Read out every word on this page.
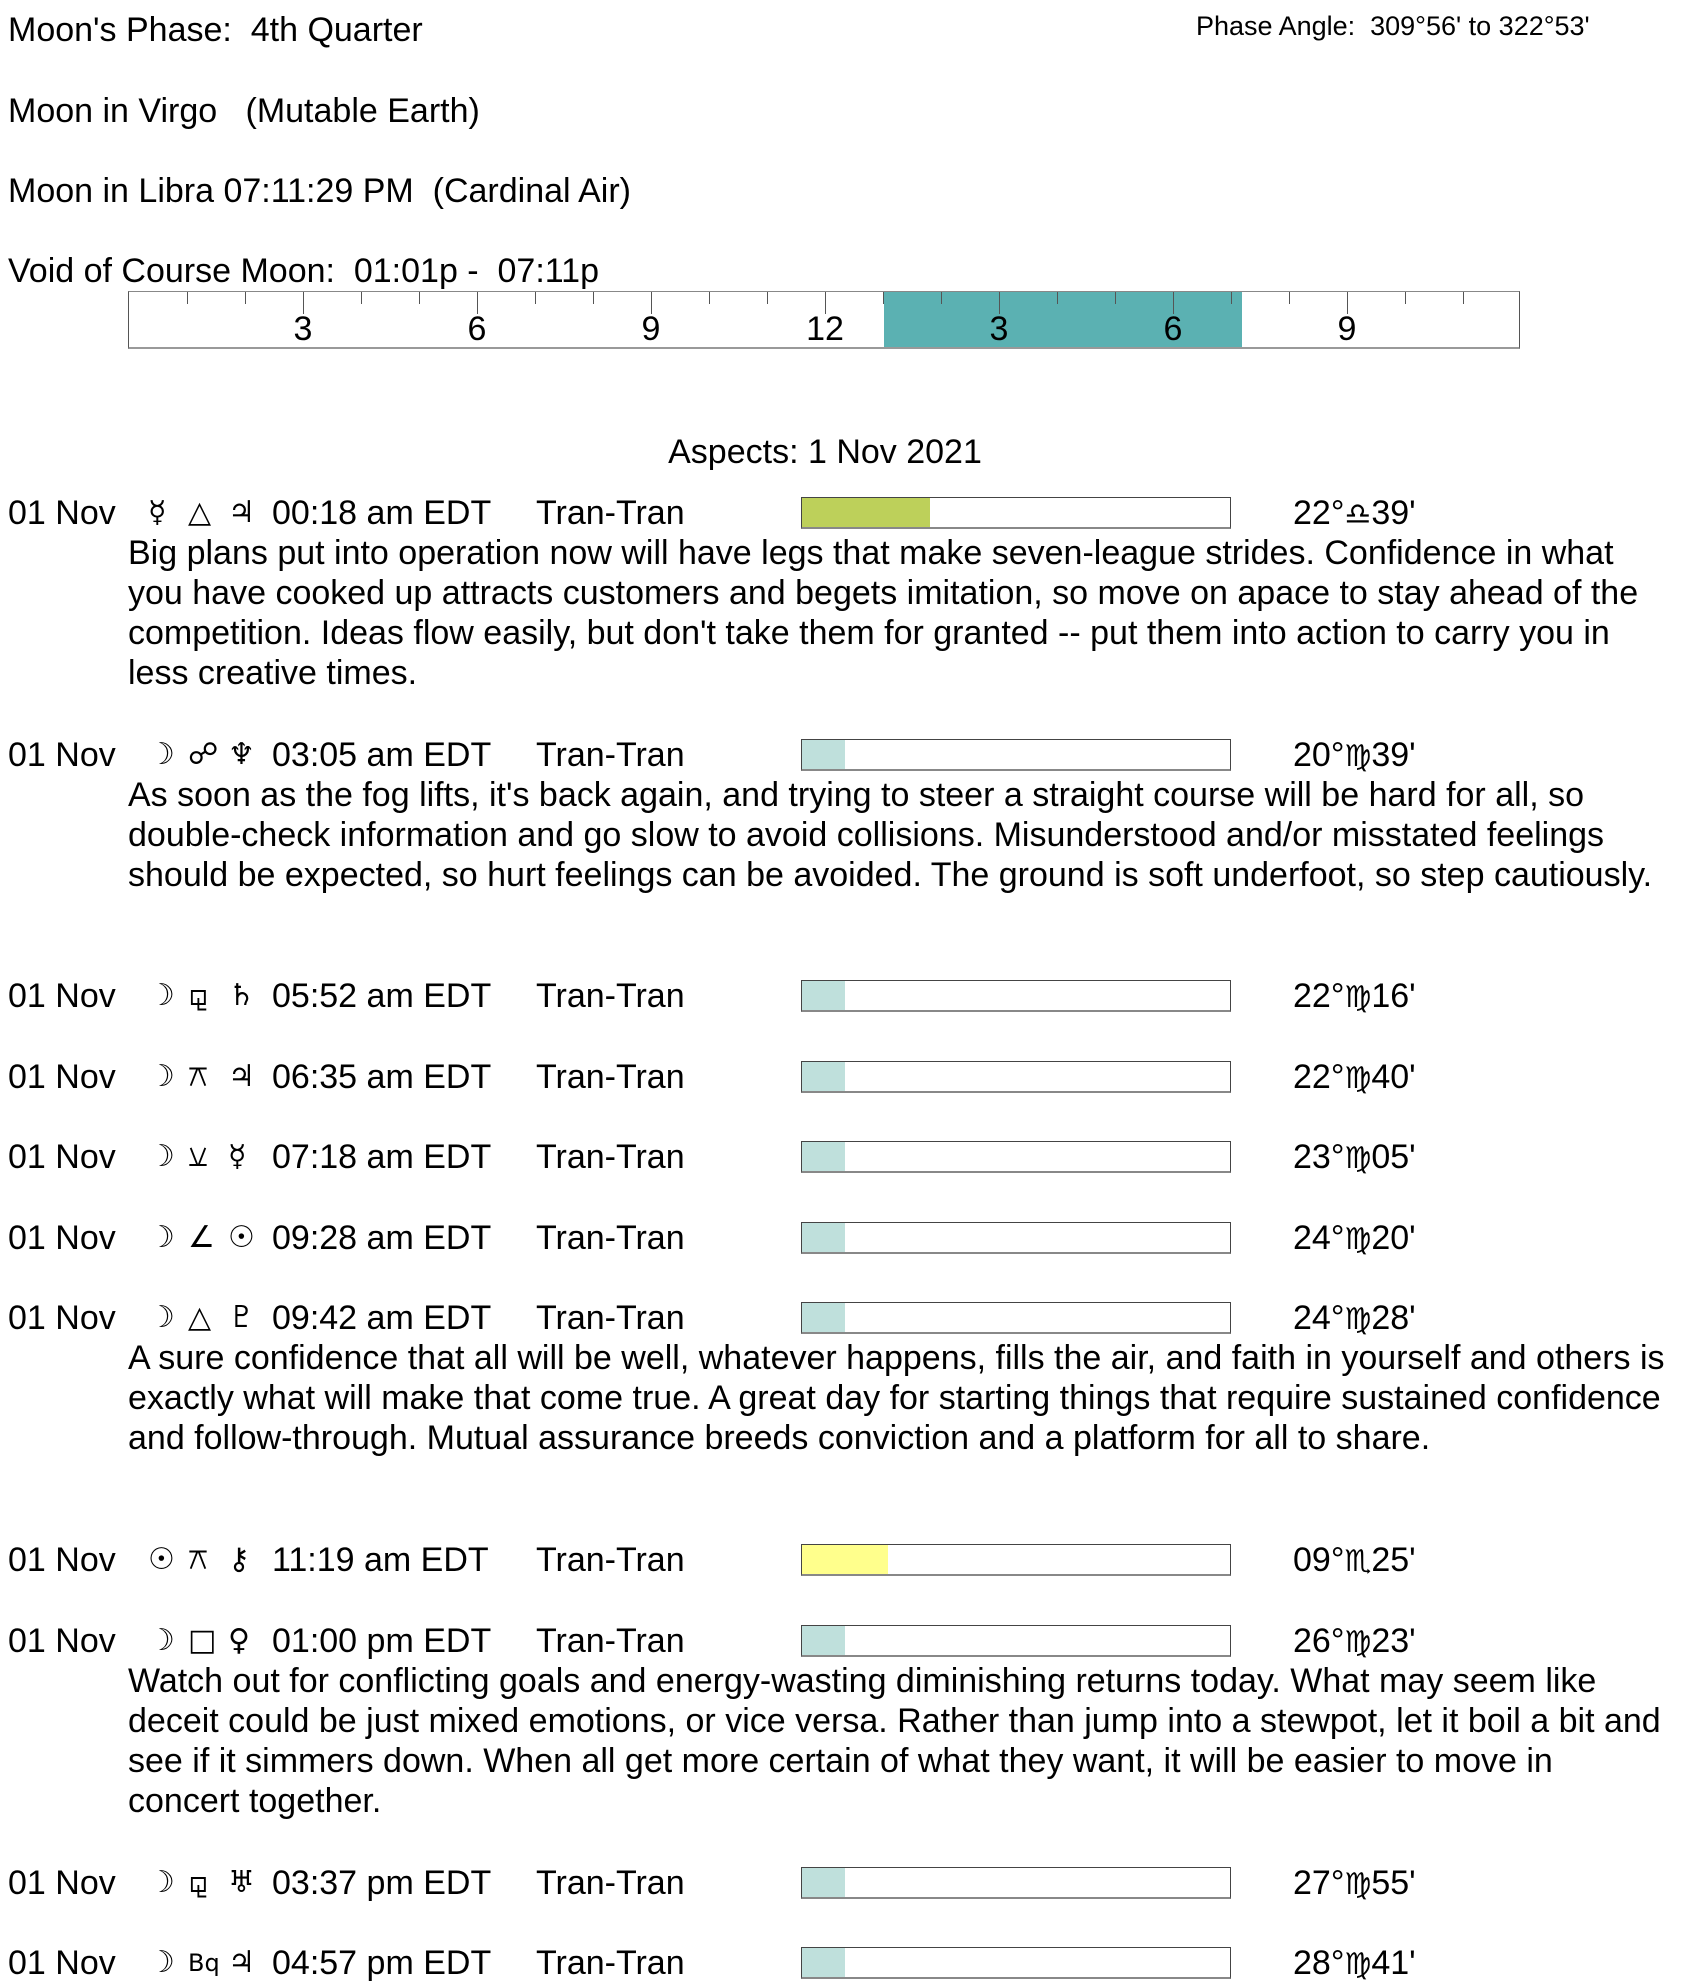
Moon's Phase:  4th Quarter	Phase Angle:  309°56' to 322°53'
Moon in Virgo   (Mutable Earth)
Moon in Libra 07:11:29 PM  (Cardinal Air)
Void of Course Moon:  01:01p -  07:11p
3	6	9	12	3	6	9
Aspects: 1 Nov 2021
01 Nov ☿ △ ♃ 00:18 am EDT Tran-Tran	22°♎39'
Big plans put into operation now will have legs that make seven-league strides. Confidence in what you have cooked up attracts customers and begets imitation, so move on apace to stay ahead of the competition. Ideas flow easily, but don't take them for granted -- put them into action to carry you in less creative times.
01 Nov ☽ ☍ ♆ 03:05 am EDT Tran-Tran	20°♍39'
As soon as the fog lifts, it's back again, and trying to steer a straight course will be hard for all, so double-check information and go slow to avoid collisions. Misunderstood and/or misstated feelings should be expected, so hurt feelings can be avoided. The ground is soft underfoot, so step cautiously.
01 Nov ☽ ⚼ ♄ 05:52 am EDT Tran-Tran	22°♍16'
01 Nov ☽ ⚻ ♃ 06:35 am EDT Tran-Tran	22°♍40'
01 Nov ☽ ⚺ ☿ 07:18 am EDT Tran-Tran	23°♍05'
01 Nov ☽ ∠ ☉ 09:28 am EDT Tran-Tran	24°♍20'
01 Nov ☽ △ ♇ 09:42 am EDT Tran-Tran	24°♍28'
A sure confidence that all will be well, whatever happens, fills the air, and faith in yourself and others is exactly what will make that come true. A great day for starting things that require sustained confidence and follow-through. Mutual assurance breeds conviction and a platform for all to share.
01 Nov ☉ ⚻ ⚷ 11:19 am EDT Tran-Tran	09°♏25'
01 Nov ☽ □ ♀ 01:00 pm EDT Tran-Tran	26°♍23'
Watch out for conflicting goals and energy-wasting diminishing returns today. What may seem like deceit could be just mixed emotions, or vice versa. Rather than jump into a stewpot, let it boil a bit and see if it simmers down. When all get more certain of what they want, it will be easier to move in concert together.
01 Nov ☽ ⚼ ♅ 03:37 pm EDT Tran-Tran	27°♍55'
01 Nov ☽ Bq ♃ 04:57 pm EDT Tran-Tran	28°♍41'
